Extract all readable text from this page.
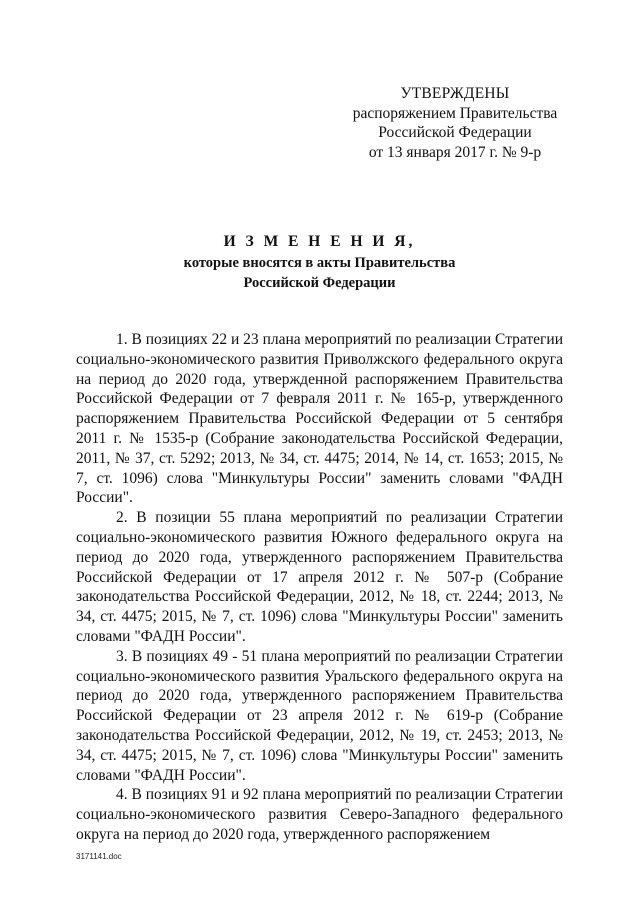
УТВЕРЖДЕНЫ
распоряжением Правительства
Российской Федерации
от 13 января 2017 г. № 9-р
И З М Е Н Е Н И Я,
которые вносятся в акты Правительства
Российской Федерации

1. В позициях 22 и 23 плана мероприятий по реализации Стратегии социально-экономического развития Приволжского федерального округа на период до 2020 года, утвержденной распоряжением Правительства Российской Федерации от 7 февраля 2011 г. № 165-р, утвержденного распоряжением Правительства Российской Федерации от 5 сентября 2011 г. № 1535-р (Собрание законодательства Российской Федерации, 2011, № 37, ст. 5292; 2013, № 34, ст. 4475; 2014, № 14, ст. 1653; 2015, № 7, ст. 1096) слова "Минкультуры России" заменить словами "ФАДН России".

2. В позиции 55 плана мероприятий по реализации Стратегии социально-экономического развития Южного федерального округа на период до 2020 года, утвержденного распоряжением Правительства Российской Федерации от 17 апреля 2012 г. № 507-р (Собрание законодательства Российской Федерации, 2012, № 18, ст. 2244; 2013, № 34, ст. 4475; 2015, № 7, ст. 1096) слова "Минкультуры России" заменить словами "ФАДН России".

3. В позициях 49 - 51 плана мероприятий по реализации Стратегии социально-экономического развития Уральского федерального округа на период до 2020 года, утвержденного распоряжением Правительства Российской Федерации от 23 апреля 2012 г. № 619-р (Собрание законодательства Российской Федерации, 2012, № 19, ст. 2453; 2013, № 34, ст. 4475; 2015, № 7, ст. 1096) слова "Минкультуры России" заменить словами "ФАДН России".

4. В позициях 91 и 92 плана мероприятий по реализации Стратегии социально-экономического развития Северо-Западного федерального округа на период до 2020 года, утвержденного распоряжением

3171141.doc
